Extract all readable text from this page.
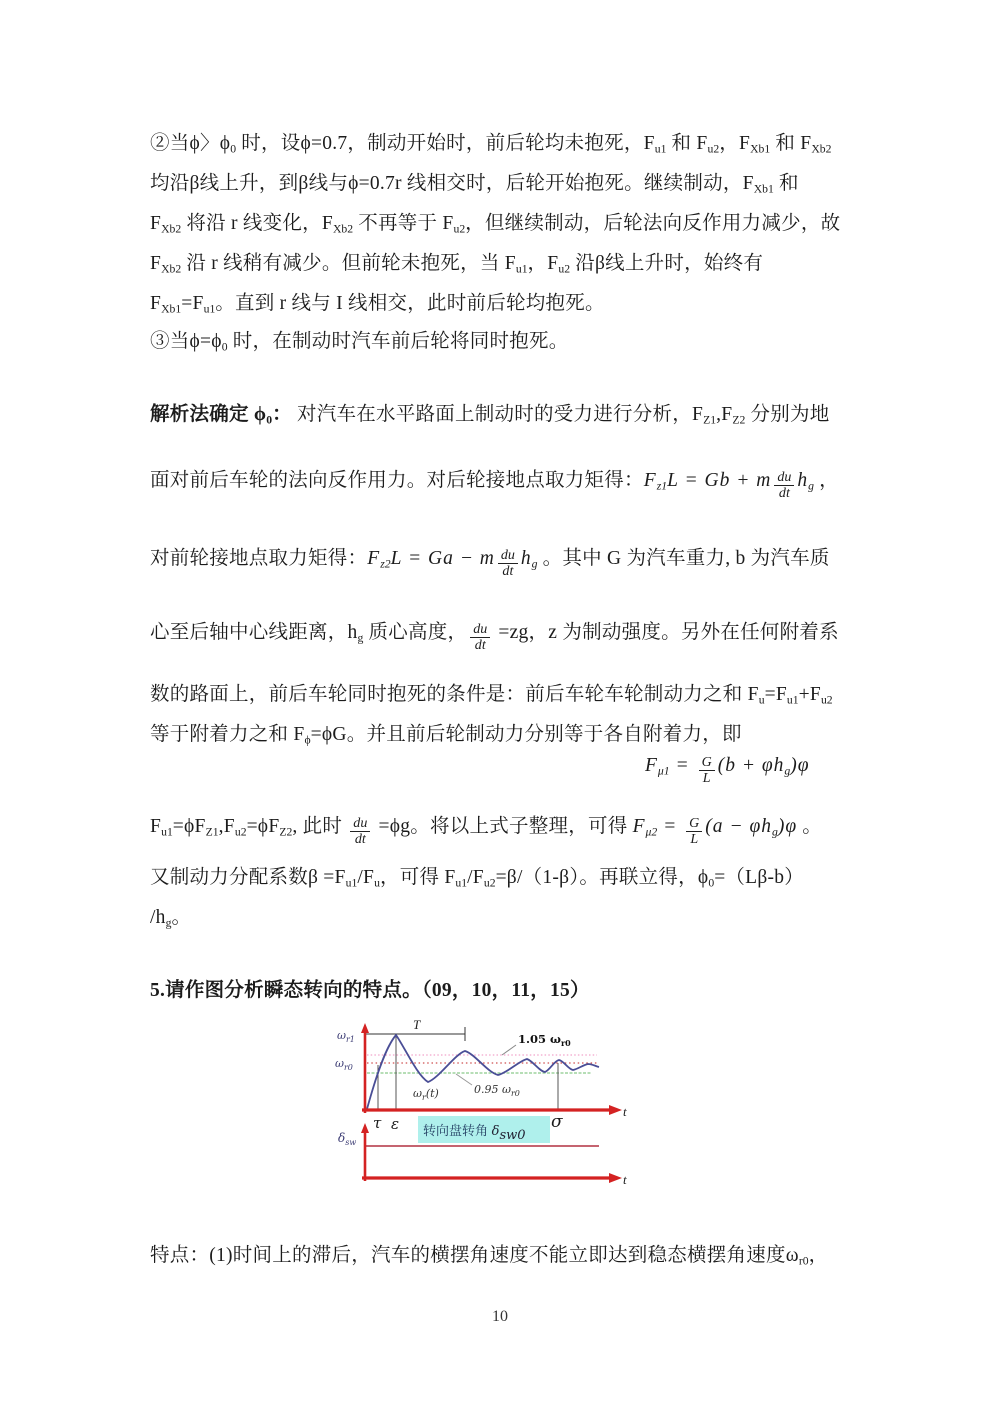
②当ϕ〉$\phi_0$ 时，设ϕ=0.7，制动开始时，前后轮均未抱死，$F_{u1}$ 和 $F_{u2}$，$F_{Xb1}$ 和 $F_{Xb2}$
均沿β线上升，到β线与ϕ=0.7r 线相交时，后轮开始抱死。继续制动，$F_{Xb1}$ 和
$F_{Xb2}$ 将沿 r 线变化，$F_{Xb2}$ 不再等于 $F_{u2}$，但继续制动，后轮法向反作用力减少，故
$F_{Xb2}$ 沿 r 线稍有减少。但前轮未抱死，当 $F_{u1}$，$F_{u2}$ 沿β线上升时，始终有
$F_{Xb1}=F_{u1}$。直到 r 线与 I 线相交，此时前后轮均抱死。
③当$\phi=\phi_0$ 时，在制动时汽车前后轮将同时抱死。
解析法确定 $\phi_0$： 对汽车在水平路面上制动时的受力进行分析，$F_{Z1},F_{Z2}$ 分别为地
面对前后车轮的法向反作用力。对后轮接地点取力矩得：Fz1L = Gb + m $\frac{du}{dt}$ hg ，
对前轮接地点取力矩得：Fz2L = Ga − m $\frac{du}{dt}$ hg 。其中 G 为汽车重力, b 为汽车质
心至后轴中心线距离，$h_g$ 质心高度， $\frac{du}{dt} =zg$，z 为制动强度。另外在任何附着系
数的路面上，前后车轮同时抱死的条件是：前后车轮车轮制动力之和 $F_u=F_{u1}+F_{u2}$
等于附着力之和 $F_\phi=\phi G$。并且前后轮制动力分别等于各自附着力，即
$F\mu 1 = \frac{G}{L} (b + \varphi hg)\varphi$
$F_{u1}=\phi F_{Z1},F_{u2}=\phi F_{Z2}$, 此时 $\frac{du}{dt} =\phi g$。将以上式子整理，可得 $F\mu 2 = \frac{G}{L} (a - \varphi hg)\varphi$ 。
又制动力分配系数$\beta =F_{u1}/F_u$，可得 $F_{u1}/F_{u2}=\beta/(1-\beta)$。再联立得，$\phi_0=(L\beta-b)$
$/h_g$。
5.请作图分析瞬态转向的特点。（09，10，11，15）
t
T
$\omega_{r1}$
$\omega_{r0}$
$\omega_r(t)$
1.05 $\omega_{r0}$
0.95 $\omega_{r0}$
τ ε	σ
转向盘转角 δsw0
$\delta_{sw}$
t
特点：(1)时间上的滞后，汽车的横摆角速度不能立即达到稳态横摆角速度$\omega_{r0}$，
10
